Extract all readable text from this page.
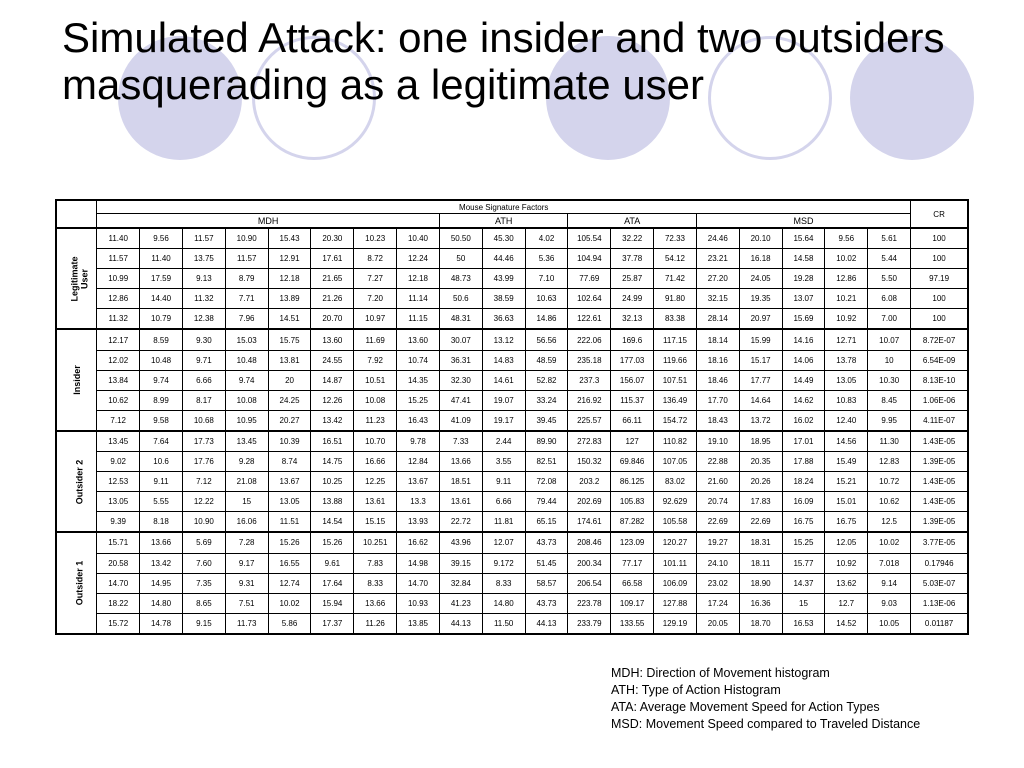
Simulated Attack: one insider and two outsiders masquerading as a legitimate user
	Mouse Signature Factors																			CR
	MDH								ATH			ATA			MSD					

Legitimate User	11.40	9.56	11.57	10.90	15.43	20.30	10.23	10.40	50.50	45.30	4.02	105.54	32.22	72.33	24.46	20.10	15.64	9.56	5.61	100
	11.57	11.40	13.75	11.57	12.91	17.61	8.72	12.24	50	44.46	5.36	104.94	37.78	54.12	23.21	16.18	14.58	10.02	5.44	100
	10.99	17.59	9.13	8.79	12.18	21.65	7.27	12.18	48.73	43.99	7.10	77.69	25.87	71.42	27.20	24.05	19.28	12.86	5.50	97.19
	12.86	14.40	11.32	7.71	13.89	21.26	7.20	11.14	50.6	38.59	10.63	102.64	24.99	91.80	32.15	19.35	13.07	10.21	6.08	100
	11.32	10.79	12.38	7.96	14.51	20.70	10.97	11.15	48.31	36.63	14.86	122.61	32.13	83.38	28.14	20.97	15.69	10.92	7.00	100

Insider	12.17	8.59	9.30	15.03	15.75	13.60	11.69	13.60	30.07	13.12	56.56	222.06	169.6	117.15	18.14	15.99	14.16	12.71	10.07	8.72E-07
	12.02	10.48	9.71	10.48	13.81	24.55	7.92	10.74	36.31	14.83	48.59	235.18	177.03	119.66	18.16	15.17	14.06	13.78	10	6.54E-09
	13.84	9.74	6.66	9.74	20	14.87	10.51	14.35	32.30	14.61	52.82	237.3	156.07	107.51	18.46	17.77	14.49	13.05	10.30	8.13E-10
	10.62	8.99	8.17	10.08	24.25	12.26	10.08	15.25	47.41	19.07	33.24	216.92	115.37	136.49	17.70	14.64	14.62	10.83	8.45	1.06E-06
	7.12	9.58	10.68	10.95	20.27	13.42	11.23	16.43	41.09	19.17	39.45	225.57	66.11	154.72	18.43	13.72	16.02	12.40	9.95	4.11E-07

Outsider 2	13.45	7.64	17.73	13.45	10.39	16.51	10.70	9.78	7.33	2.44	89.90	272.83	127	110.82	19.10	18.95	17.01	14.56	11.30	1.43E-05
	9.02	10.6	17.76	9.28	8.74	14.75	16.66	12.84	13.66	3.55	82.51	150.32	69.846	107.05	22.88	20.35	17.88	15.49	12.83	1.39E-05
	12.53	9.11	7.12	21.08	13.67	10.25	12.25	13.67	18.51	9.11	72.08	203.2	86.125	83.02	21.60	20.26	18.24	15.21	10.72	1.43E-05
	13.05	5.55	12.22	15	13.05	13.88	13.61	13.3	13.61	6.66	79.44	202.69	105.83	92.629	20.74	17.83	16.09	15.01	10.62	1.43E-05
	9.39	8.18	10.90	16.06	11.51	14.54	15.15	13.93	22.72	11.81	65.15	174.61	87.282	105.58	22.69	22.69	16.75	16.75	12.5	1.39E-05

Outsider 1	15.71	13.66	5.69	7.28	15.26	15.26	10.251	16.62	43.96	12.07	43.73	208.46	123.09	120.27	19.27	18.31	15.25	12.05	10.02	3.77E-05
	20.58	13.42	7.60	9.17	16.55	9.61	7.83	14.98	39.15	9.172	51.45	200.34	77.17	101.11	24.10	18.11	15.77	10.92	7.018	0.17946
	14.70	14.95	7.35	9.31	12.74	17.64	8.33	14.70	32.84	8.33	58.57	206.54	66.58	106.09	23.02	18.90	14.37	13.62	9.14	5.03E-07
	18.22	14.80	8.65	7.51	10.02	15.94	13.66	10.93	41.23	14.80	43.73	223.78	109.17	127.88	17.24	16.36	15	12.7	9.03	1.13E-06
	15.72	14.78	9.15	11.73	5.86	17.37	11.26	13.85	44.13	11.50	44.13	233.79	133.55	129.19	20.05	18.70	16.53	14.52	10.05	0.01187
MDH: Direction of Movement histogram
ATH: Type of Action Histogram
ATA: Average Movement Speed for Action Types
MSD: Movement Speed compared to Traveled Distance
